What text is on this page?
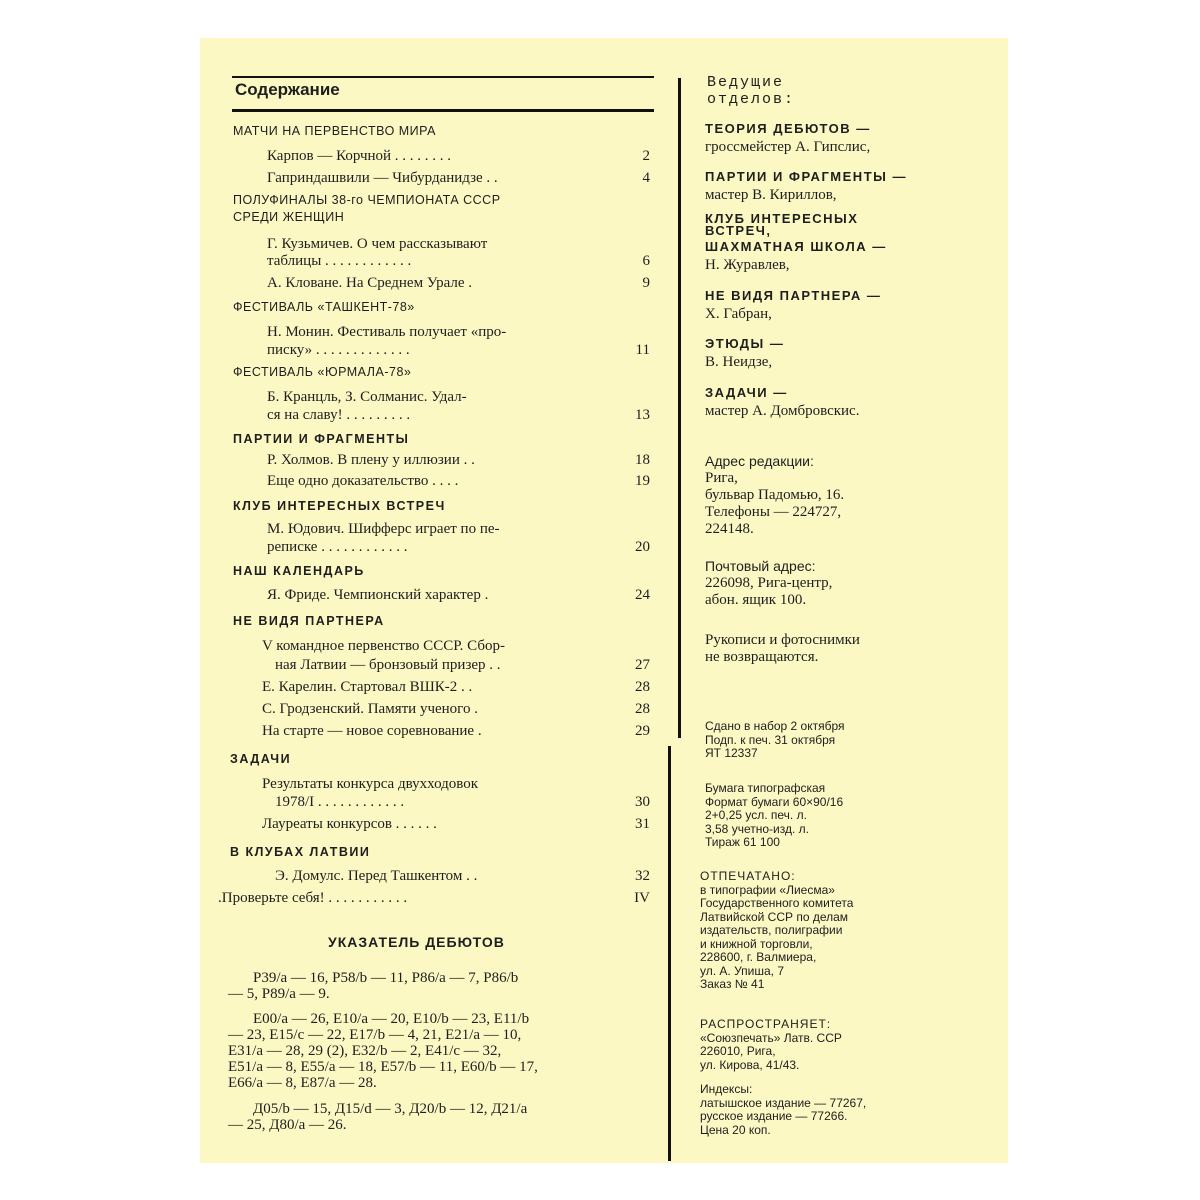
Содержание
МАТЧИ НА ПЕРВЕНСТВО МИРА
Карпов — Корчной . . . . . . . .	2
Гаприндашвили — Чибурданидзе . .	4
ПОЛУФИНАЛЫ 38-го ЧЕМПИОНАТА СССР
СРЕДИ ЖЕНЩИН
Г. Кузьмичев. О чем рассказывают
таблицы . . . . . . . . . . . .	6
А. Кловане. На Среднем Урале .	9
ФЕСТИВАЛЬ «ТАШКЕНТ-78»
Н. Монин. Фестиваль получает «про-
писку» . . . . . . . . . . . . .	11
ФЕСТИВАЛЬ «ЮРМАЛА-78»
Б. Кранцль, З. Солманис. Удал-
ся на славу! . . . . . . . . .	13
ПАРТИИ И ФРАГМЕНТЫ
Р. Холмов. В плену у иллюзии . .	18
Еще одно доказательство . . . .	19
КЛУБ ИНТЕРЕСНЫХ ВСТРЕЧ
М. Юдович. Шифферс играет по пе-
реписке . . . . . . . . . . . .	20
НАШ КАЛЕНДАРЬ
Я. Фриде. Чемпионский характер .	24
НЕ ВИДЯ ПАРТНЕРА
V командное первенство СССР. Сбор-
ная Латвии — бронзовый призер . .	27
Е. Карелин. Стартовал ВШК-2 . .	28
С. Гродзенский. Памяти ученого .	28
На старте — новое соревнование .	29
ЗАДАЧИ
Результаты конкурса двухходовок
1978/I . . . . . . . . . . . .	30
Лауреаты конкурсов . . . . . .	31
В КЛУБАХ ЛАТВИИ
Э. Домулс. Перед Ташкентом . .	32
.Проверьте себя! . . . . . . . . . . .	IV
УКАЗАТЕЛЬ ДЕБЮТОВ
Р39/а — 16, Р58/b — 11, Р86/а — 7, Р86/b
— 5, Р89/а — 9.
Е00/а — 26, Е10/а — 20, Е10/b — 23, Е11/b
— 23, Е15/с — 22, Е17/b — 4, 21, Е21/а — 10,
Е31/а — 28, 29 (2), Е32/b — 2, Е41/с — 32,
Е51/а — 8, Е55/а — 18, Е57/b — 11, Е60/b — 17,
Е66/а — 8, Е87/а — 28.
Д05/b — 15, Д15/d — 3, Д20/b — 12, Д21/а
— 25, Д80/а — 26.
Ведущие
отделов:
ТЕОРИЯ ДЕБЮТОВ —
гроссмейстер А. Гипслис,
ПАРТИИ И ФРАГМЕНТЫ —
мастер В. Кириллов,
КЛУБ ИНТЕРЕСНЫХ
ВСТРЕЧ,
ШАХМАТНАЯ ШКОЛА —
Н. Журавлев,
НЕ ВИДЯ ПАРТНЕРА —
Х. Габран,
ЭТЮДЫ —
В. Неидзе,
ЗАДАЧИ —
мастер А. Домбровскис.
Адрес редакции:
Рига,
бульвар Падомью, 16.
Телефоны — 224727,
224148.
Почтовый адрес:
226098, Рига-центр,
абон. ящик 100.
Рукописи и фотоснимки
не возвращаются.
Сдано в набор 2 октября
Подп. к печ. 31 октября
ЯТ 12337
Бумага типографская
Формат бумаги 60×90/16
2+0,25 усл. печ. л.
3,58 учетно-изд. л.
Тираж 61 100
ОТПЕЧАТАНО:
в типографии «Лиесма»
Государственного комитета
Латвийской ССР по делам
издательств, полиграфии
и книжной торговли,
228600, г. Валмиера,
ул. А. Упиша, 7
Заказ № 41
РАСПРОСТРАНЯЕТ:
«Союзпечать» Латв. ССР
226010, Рига,
ул. Кирова, 41/43.
Индексы:
латышское издание — 77267,
русское издание — 77266.
Цена 20 коп.
